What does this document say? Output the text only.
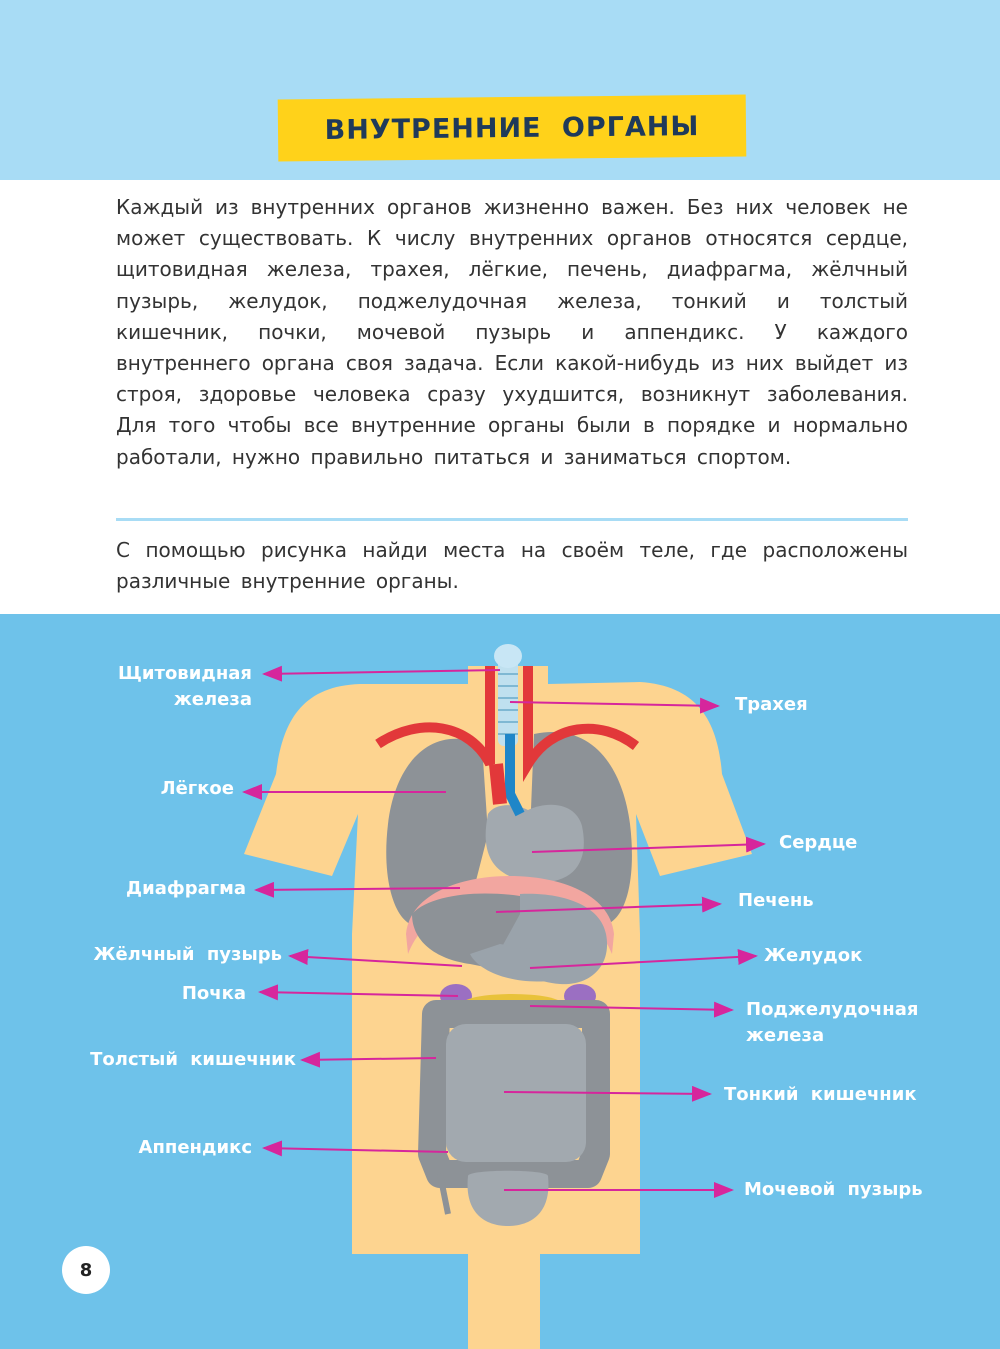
ВНУТРЕННИЕ ОРГАНЫ

Каждый из внутренних органов жизненно важен. Без них человек не может существовать. К числу внутренних органов относятся сердце, щитовидная железа, трахея, лёгкие, печень, диафрагма, жёлчный пузырь, желудок, поджелудочная железа, тонкий и толстый кишечник, почки, мочевой пузырь и аппендикс. У каждого внутреннего органа своя задача. Если какой-нибудь из них выйдет из строя, здоровье человека сразу ухудшится, возникнут заболевания. Для того чтобы все внутренние органы были в порядке и нормально работали, нужно правильно питаться и заниматься спортом.

С помощью рисунка найди места на своём теле, где расположены различные внутренние органы.

Щитовидная
железа
Лёгкое
Диафрагма
Жёлчный пузырь
Почка
Толстый кишечник
Аппендикс
Трахея
Сердце
Печень
Желудок
Поджелудочная
железа
Тонкий кишечник
Мочевой пузырь
8
